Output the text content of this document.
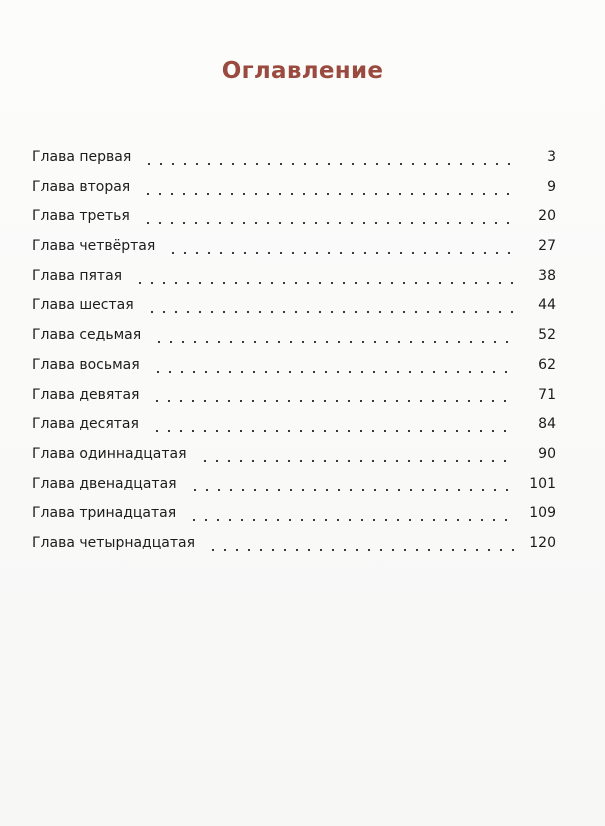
Оглавление
Глава первая	3
Глава вторая	9
Глава третья	20
Глава четвёртая	27
Глава пятая	38
Глава шестая	44
Глава седьмая	52
Глава восьмая	62
Глава девятая	71
Глава десятая	84
Глава одиннадцатая	90
Глава двенадцатая	101
Глава тринадцатая	109
Глава четырнадцатая	120
